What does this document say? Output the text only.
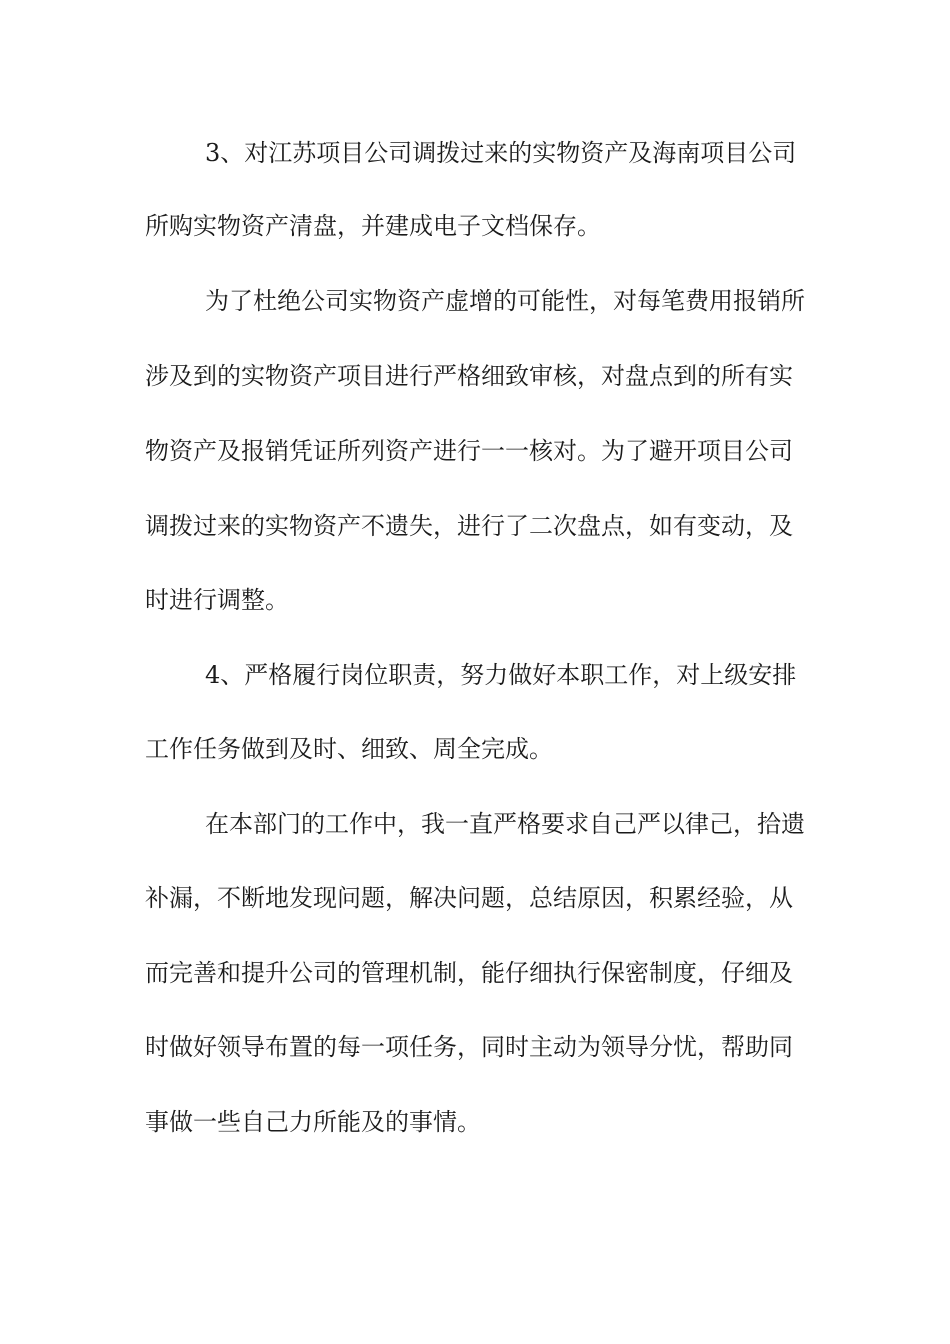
3、对江苏项目公司调拨过来的实物资产及海南项目公司
所购实物资产清盘，并建成电子文档保存。
为了杜绝公司实物资产虚增的可能性，对每笔费用报销所
涉及到的实物资产项目进行严格细致审核，对盘点到的所有实
物资产及报销凭证所列资产进行一一核对。为了避开项目公司
调拨过来的实物资产不遗失，进行了二次盘点，如有变动，及
时进行调整。
4、严格履行岗位职责，努力做好本职工作，对上级安排
工作任务做到及时、细致、周全完成。
在本部门的工作中，我一直严格要求自己严以律己，拾遗
补漏，不断地发现问题，解决问题，总结原因，积累经验，从
而完善和提升公司的管理机制，能仔细执行保密制度，仔细及
时做好领导布置的每一项任务，同时主动为领导分忧，帮助同
事做一些自己力所能及的事情。
